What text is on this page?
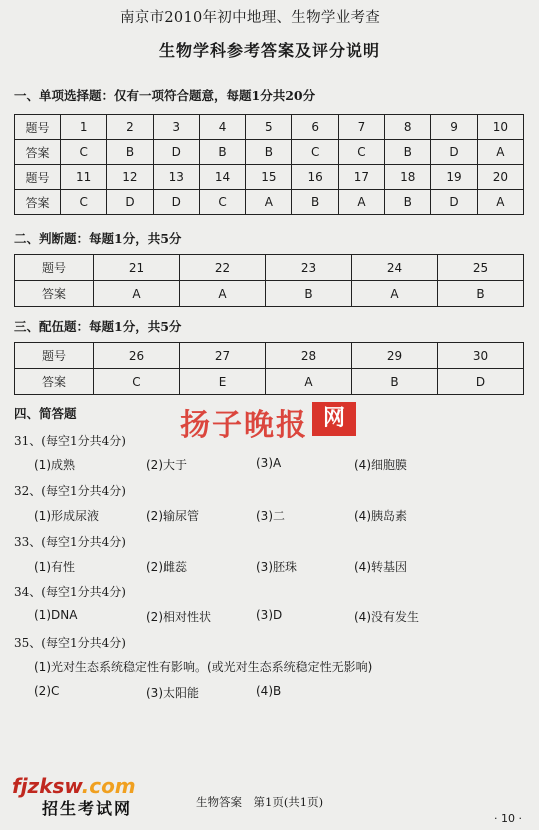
南京市2010年初中地理、生物学业考查
生物学科参考答案及评分说明
一、单项选择题：仅有一项符合题意，每题1分共20分
题号	1	2	3	4	5	6	7	8	9	10
答案	C	B	D	B	B	C	C	B	D	A
题号	11	12	13	14	15	16	17	18	19	20
答案	C	D	D	C	A	B	A	B	D	A
二、判断题：每题1分，共5分
题号	21	22	23	24	25
答案	A	A	B	A	B
三、配伍题：每题1分，共5分
题号	26	27	28	29	30
答案	C	E	A	B	D
四、简答题	扬子晚报 网
31、(每空1分共4分)
(1)成熟	(2)大于	(3)A	(4)细胞膜
32、(每空1分共4分)
(1)形成尿液	(2)输尿管	(3)二	(4)胰岛素
33、(每空1分共4分)
(1)有性	(2)雌蕊	(3)胚珠	(4)转基因
34、(每空1分共4分)
(1)DNA	(2)相对性状	(3)D	(4)没有发生
35、(每空1分共4分)
(1)光对生态系统稳定性有影响。(或光对生态系统稳定性无影响)
(2)C	(3)太阳能	(4)B
fjzksw.com
招生考试网	生物答案　第1页(共1页)
· 10 ·
